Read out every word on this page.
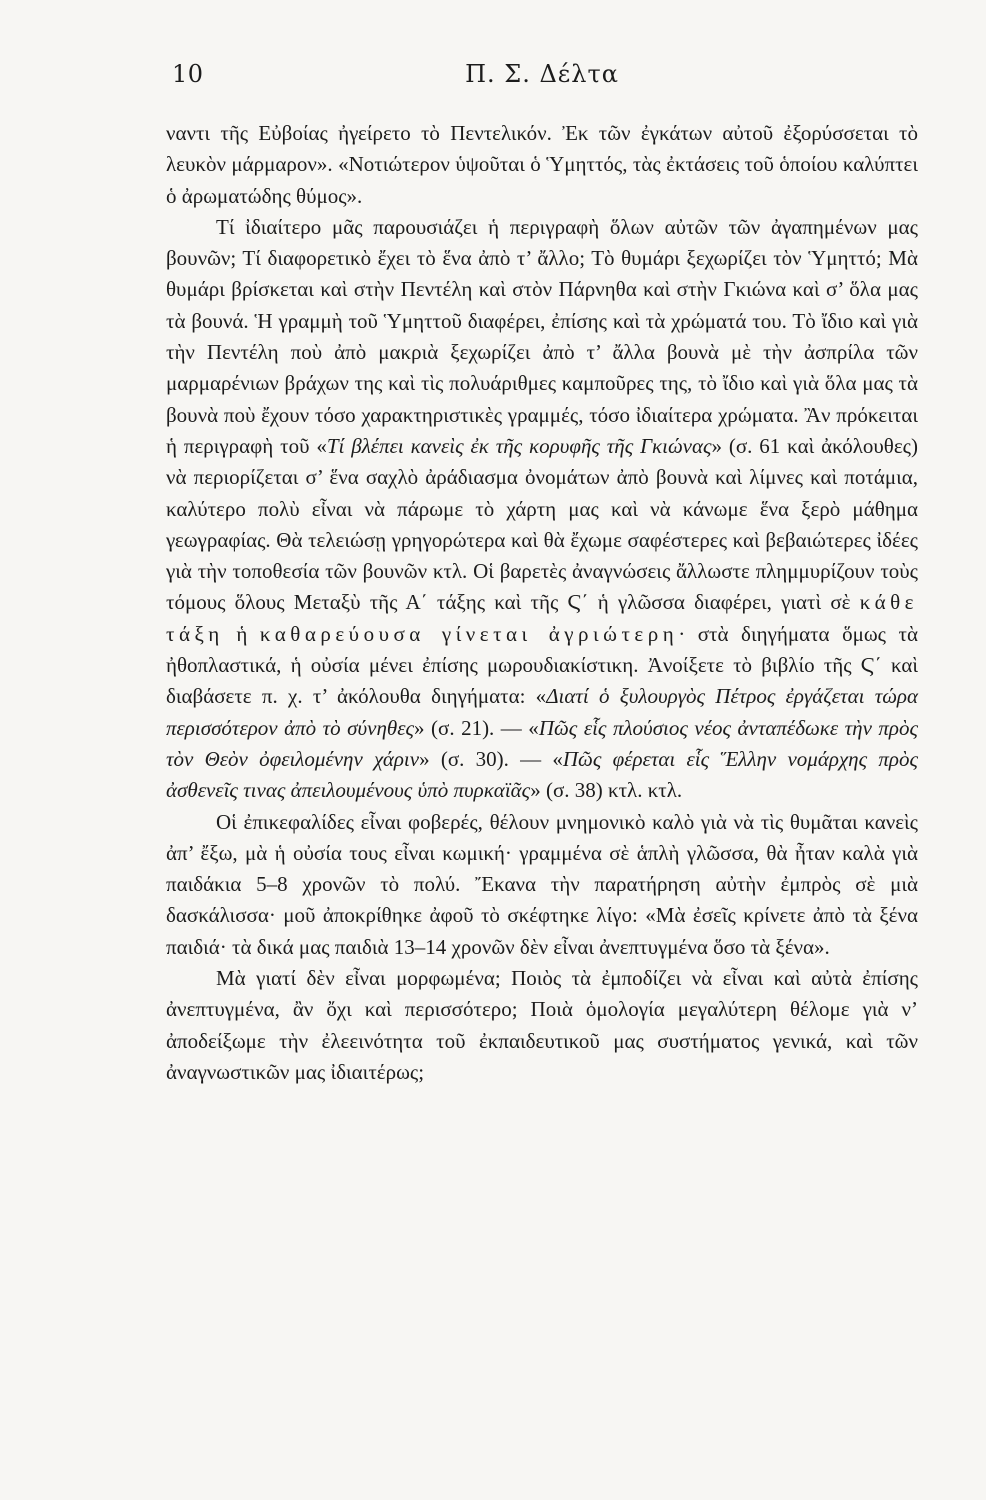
10	Π. Σ. Δέλτα

ναντι τῆς Εὐβοίας ἠγείρετο τὸ Πεντελικόν. Ἐκ τῶν ἐγκάτων αὐτοῦ ἐξορύσσεται τὸ λευκὸν μάρμαρον». «Νοτιώτερον ὑψοῦται ὁ Ὑμηττός, τὰς ἐκτάσεις τοῦ ὁποίου καλύπτει ὁ ἀρωματώδης θύμος».

Τί ἰδιαίτερο μᾶς παρουσιάζει ἡ περιγραφὴ ὅλων αὐτῶν τῶν ἀγαπημένων μας βουνῶν; Τί διαφορετικὸ ἔχει τὸ ἕνα ἀπὸ τ’ ἄλλο; Τὸ θυμάρι ξεχωρίζει τὸν Ὑμηττό; Μὰ θυμάρι βρίσκεται καὶ στὴν Πεντέλη καὶ στὸν Πάρνηθα καὶ στὴν Γκιώνα καὶ σ’ ὅλα μας τὰ βουνά. Ἡ γραμμὴ τοῦ Ὑμηττοῦ διαφέρει, ἐπίσης καὶ τὰ χρώματά του. Τὸ ἴδιο καὶ γιὰ τὴν Πεντέλη ποὺ ἀπὸ μακριὰ ξεχωρίζει ἀπὸ τ’ ἄλλα βουνὰ μὲ τὴν ἀσπρίλα τῶν μαρμαρένιων βράχων της καὶ τὶς πολυάριθμες καμποῦρες της, τὸ ἴδιο καὶ γιὰ ὅλα μας τὰ βουνὰ ποὺ ἔχουν τόσο χαρακτηριστικὲς γραμμές, τόσο ἰδιαίτερα χρώματα. Ἂν πρόκειται ἡ περιγραφὴ τοῦ «Τί βλέπει κανεὶς ἐκ τῆς κορυφῆς τῆς Γκιώνας» (σ. 61 καὶ ἀκόλουθες) νὰ περιορίζεται σ’ ἕνα σαχλὸ ἀράδιασμα ὀνομάτων ἀπὸ βουνὰ καὶ λίμνες καὶ ποτάμια, καλύτερο πολὺ εἶναι νὰ πάρωμε τὸ χάρτη μας καὶ νὰ κάνωμε ἕνα ξερὸ μάθημα γεωγραφίας. Θὰ τελειώσῃ γρηγορώτερα καὶ θὰ ἔχωμε σαφέστερες καὶ βεβαιώτερες ἰδέες γιὰ τὴν τοποθεσία τῶν βουνῶν κτλ. Οἱ βαρετὲς ἀναγνώσεις ἄλλωστε πλημμυρίζουν τοὺς τόμους ὅλους Μεταξὺ τῆς Α΄ τάξης καὶ τῆς Ϛ΄ ἡ γλῶσσα διαφέρει, γιατὶ σὲ κάθε τάξη ἡ καθαρεύουσα γίνεται ἀγριώτερη· στὰ διηγήματα ὅμως τὰ ἠθοπλαστικά, ἡ οὐσία μένει ἐπίσης μωρουδιακίστικη. Ἀνοίξετε τὸ βιβλίο τῆς Ϛ΄ καὶ διαβάσετε π. χ. τ’ ἀκόλουθα διηγήματα: «Διατί ὁ ξυλουργὸς Πέτρος ἐργάζεται τώρα περισσότερον ἀπὸ τὸ σύνηθες» (σ. 21). — «Πῶς εἷς πλούσιος νέος ἀνταπέδωκε τὴν πρὸς τὸν Θεὸν ὀφειλομένην χάριν» (σ. 30). — «Πῶς φέρεται εἷς Ἕλλην νομάρχης πρὸς ἀσθενεῖς τινας ἀπειλουμένους ὑπὸ πυρκαϊᾶς» (σ. 38) κτλ. κτλ.

Οἱ ἐπικεφαλίδες εἶναι φοβερές, θέλουν μνημονικὸ καλὸ γιὰ νὰ τὶς θυμᾶται κανεὶς ἀπ’ ἔξω, μὰ ἡ οὐσία τους εἶναι κωμική· γραμμένα σὲ ἁπλὴ γλῶσσα, θὰ ἦταν καλὰ γιὰ παιδάκια 5–8 χρονῶν τὸ πολύ. Ἔκανα τὴν παρατήρηση αὐτὴν ἐμπρὸς σὲ μιὰ δασκάλισσα· μοῦ ἀποκρίθηκε ἀφοῦ τὸ σκέφτηκε λίγο: «Μὰ ἐσεῖς κρίνετε ἀπὸ τὰ ξένα παιδιά· τὰ δικά μας παιδιὰ 13–14 χρονῶν δὲν εἶναι ἀνεπτυγμένα ὅσο τὰ ξένα».

Μὰ γιατί δὲν εἶναι μορφωμένα; Ποιὸς τὰ ἐμποδίζει νὰ εἶναι καὶ αὐτὰ ἐπίσης ἀνεπτυγμένα, ἂν ὄχι καὶ περισσότερο; Ποιὰ ὁμολογία μεγαλύτερη θέλομε γιὰ ν’ ἀποδείξωμε τὴν ἐλεεινότητα τοῦ ἐκπαιδευτικοῦ μας συστήματος γενικά, καὶ τῶν ἀναγνωστικῶν μας ἰδιαιτέρως;
